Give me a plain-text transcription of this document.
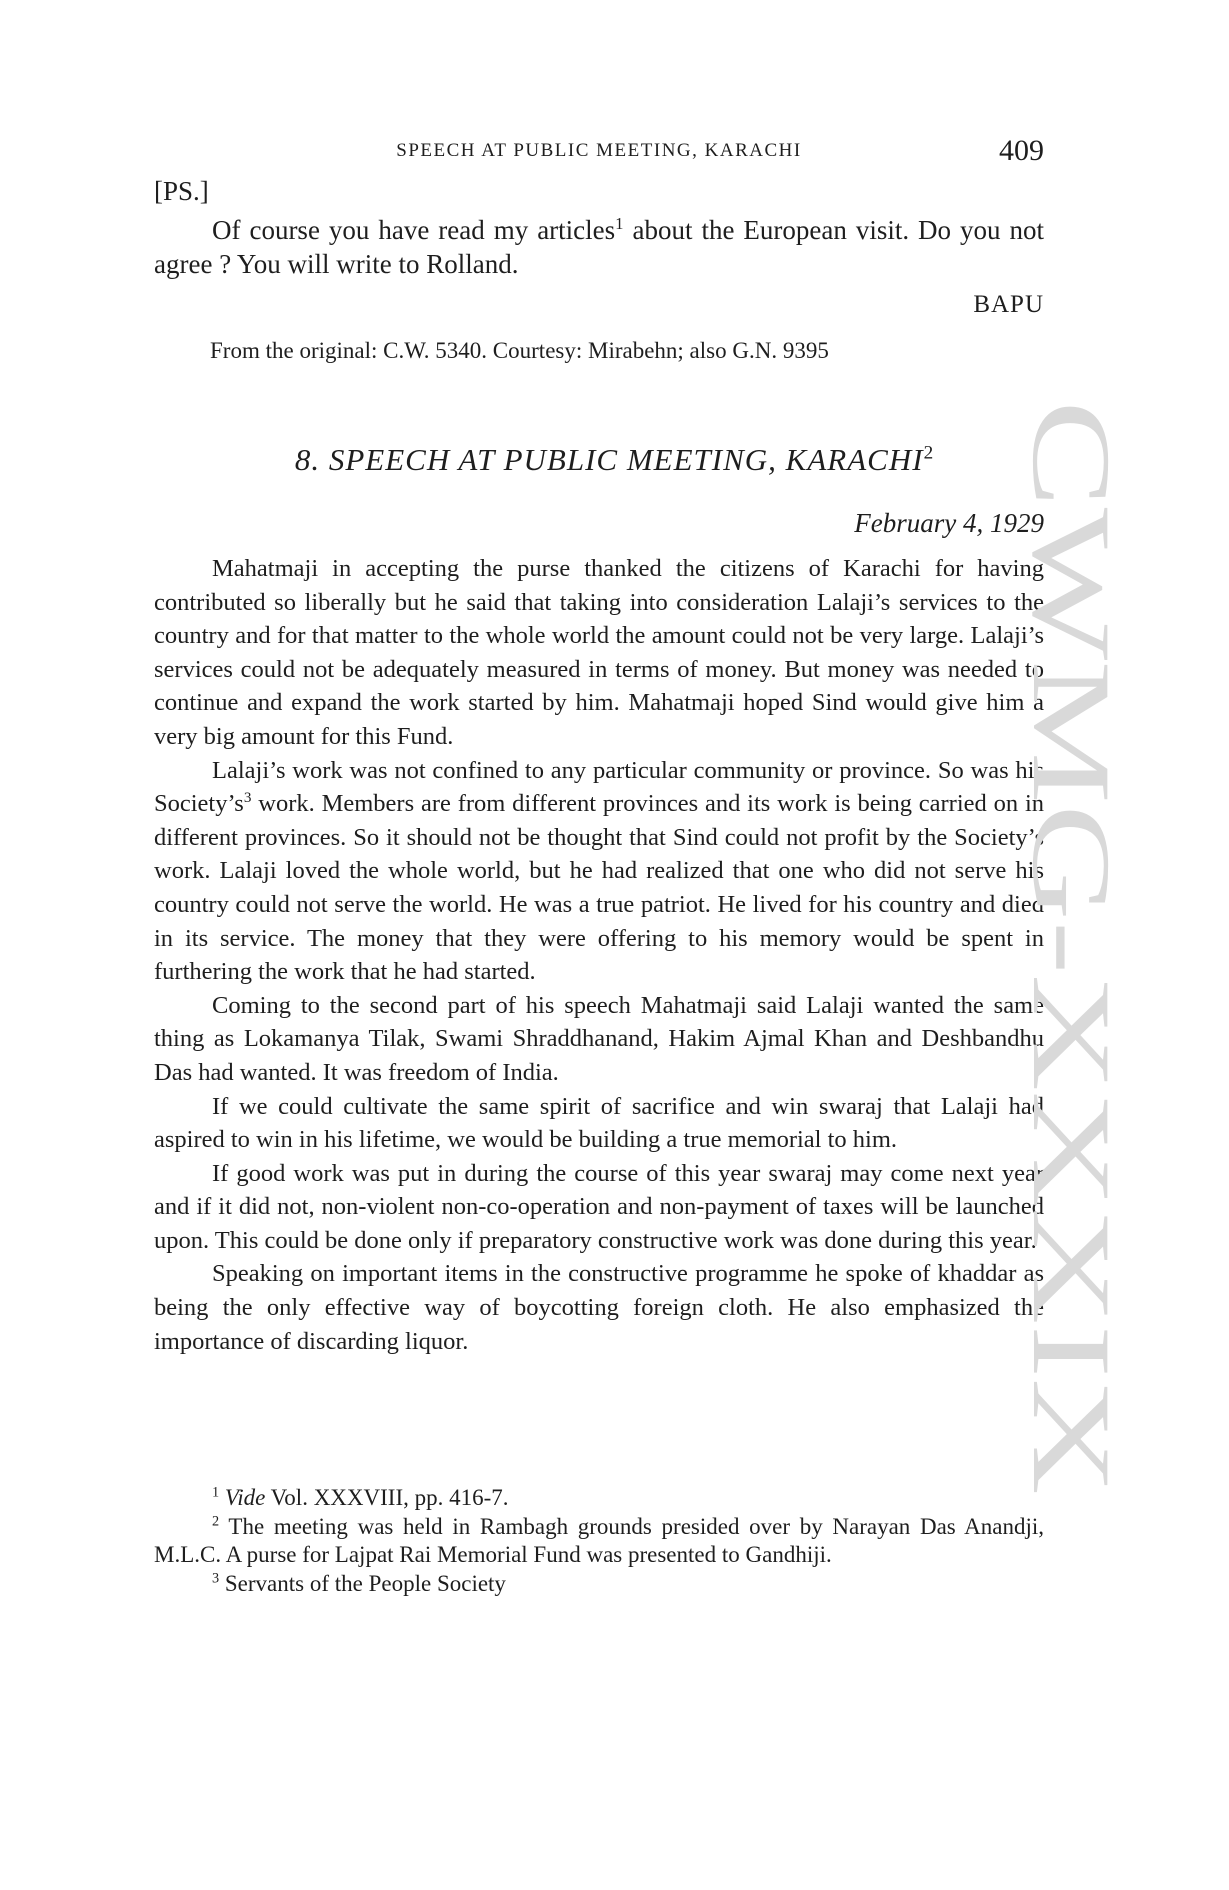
SPEECH AT PUBLIC MEETING, KARACHI	409
[PS.]

Of course you have read my articles$^1$ about the European visit. Do you not agree ? You will write to Rolland.

BAPU
From the original: C.W. 5340. Courtesy: Mirabehn; also G.N. 9395
8. SPEECH AT PUBLIC MEETING, KARACHI$^2$
February 4, 1929

Mahatmaji in accepting the purse thanked the citizens of Karachi for having contributed so liberally but he said that taking into consideration Lalaji’s services to the country and for that matter to the whole world the amount could not be very large. Lalaji’s services could not be adequately measured in terms of money. But money was needed to continue and expand the work started by him. Mahatmaji hoped Sind would give him a very big amount for this Fund.

Lalaji’s work was not confined to any particular community or province. So was his $Society’s^3$ work. Members are from different provinces and its work is being carried on in different provinces. So it should not be thought that Sind could not profit by the Society’s work. Lalaji loved the whole world, but he had realized that one who did not serve his country could not serve the world. He was a true patriot. He lived for his country and died in its service. The money that they were offering to his memory would be spent in furthering the work that he had started.

Coming to the second part of his speech Mahatmaji said Lalaji wanted the same thing as Lokamanya Tilak, Swami Shraddhanand, Hakim Ajmal Khan and Deshbandhu Das had wanted. It was freedom of India.

If we could cultivate the same spirit of sacrifice and win swaraj that Lalaji had aspired to win in his lifetime, we would be building a true memorial to him.

If good work was put in during the course of this year swaraj may come next year and if it did not, non-violent non-co-operation and non-payment of taxes will be launched upon. This could be done only if preparatory constructive work was done during this year.

Speaking on important items in the constructive programme he spoke of khaddar as being the only effective way of boycotting foreign cloth. He also emphasized the importance of discarding liquor.

$^1$ Vide Vol. XXXVIII, pp. 416-7.

$^2$ The meeting was held in Rambagh grounds presided over by Narayan Das Anandji, M.L.C. A purse for Lajpat Rai Memorial Fund was presented to Gandhiji.

$^3$ Servants of the People Society

CWMG-XXXIX
